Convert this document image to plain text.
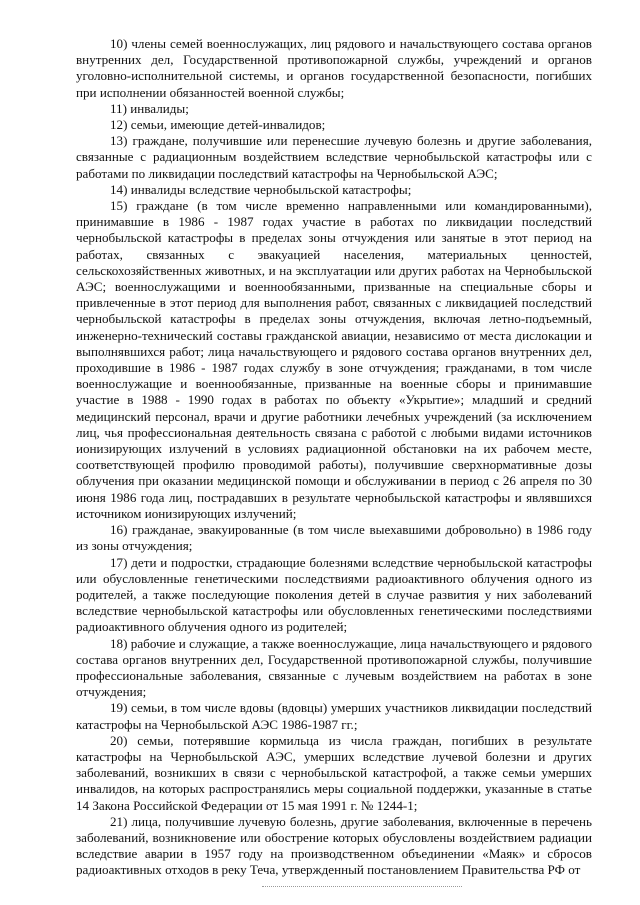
10) члены семей военнослужащих, лиц рядового и начальствующего состава органов внутренних дел, Государственной противопожарной службы, учреждений и органов уголовно-исполнительной системы, и органов государственной безопасности, погибших при исполнении обязанностей военной службы;

11) инвалиды;

12) семьи, имеющие детей-инвалидов;

13) граждане, получившие или перенесшие лучевую болезнь и другие заболевания, связанные с радиационным воздействием вследствие чернобыльской катастрофы или с работами по ликвидации последствий катастрофы на Чернобыльской АЭС;

14) инвалиды вследствие чернобыльской катастрофы;

15) граждане (в том числе временно направленными или командированными), принимавшие в 1986 - 1987 годах участие в работах по ликвидации последствий чернобыльской катастрофы в пределах зоны отчуждения или занятые в этот период на работах, связанных с эвакуацией населения, материальных ценностей, сельскохозяйственных животных, и на эксплуатации или других работах на Чернобыльской АЭС; военнослужащими и военнообязанными, призванные на специальные сборы и привлеченные в этот период для выполнения работ, связанных с ликвидацией последствий чернобыльской катастрофы в пределах зоны отчуждения, включая летно-подъемный, инженерно-технический составы гражданской авиации, независимо от места дислокации и выполнявшихся работ; лица начальствующего и рядового состава органов внутренних дел, проходившие в 1986 - 1987 годах службу в зоне отчуждения; гражданами, в том числе военнослужащие и военнообязанные, призванные на военные сборы и принимавшие участие в 1988 - 1990 годах в работах по объекту «Укрытие»; младший и средний медицинский персонал, врачи и другие работники лечебных учреждений (за исключением лиц, чья профессиональная деятельность связана с работой с любыми видами источников ионизирующих излучений в условиях радиационной обстановки на их рабочем месте, соответствующей профилю проводимой работы), получившие сверхнормативные дозы облучения при оказании медицинской помощи и обслуживании в период с 26 апреля по 30 июня 1986 года лиц, пострадавших в результате чернобыльской катастрофы и являвшихся источником ионизирующих излучений;

16) гражданае, эвакуированные (в том числе выехавшими добровольно) в 1986 году из зоны отчуждения;

17) дети и подростки, страдающие болезнями вследствие чернобыльской катастрофы или обусловленные генетическими последствиями радиоактивного облучения одного из родителей, а также последующие поколения детей в случае развития у них заболеваний вследствие чернобыльской катастрофы или обусловленных генетическими последствиями радиоактивного облучения одного из родителей;

18) рабочие и служащие, а также военнослужащие, лица начальствующего и рядового состава органов внутренних дел, Государственной противопожарной службы, получившие профессиональные заболевания, связанные с лучевым воздействием на работах в зоне отчуждения;

19) семьи, в том числе вдовы (вдовцы) умерших участников ликвидации последствий катастрофы на Чернобыльской АЭС 1986-1987 гг.;

20) семьи, потерявшие кормильца из числа граждан, погибших в результате катастрофы на Чернобыльской АЭС, умерших вследствие лучевой болезни и других заболеваний, возникших в связи с чернобыльской катастрофой, а также семьи умерших инвалидов, на которых распространялись меры социальной поддержки, указанные в статье 14 Закона Российской Федерации от 15 мая 1991 г. № 1244-1;

21) лица, получившие лучевую болезнь, другие заболевания, включенные в перечень заболеваний, возникновение или обострение которых обусловлены воздействием радиации вследствие аварии в 1957 году на производственном объединении «Маяк» и сбросов радиоактивных отходов в реку Теча, утвержденный постановлением Правительства РФ от
